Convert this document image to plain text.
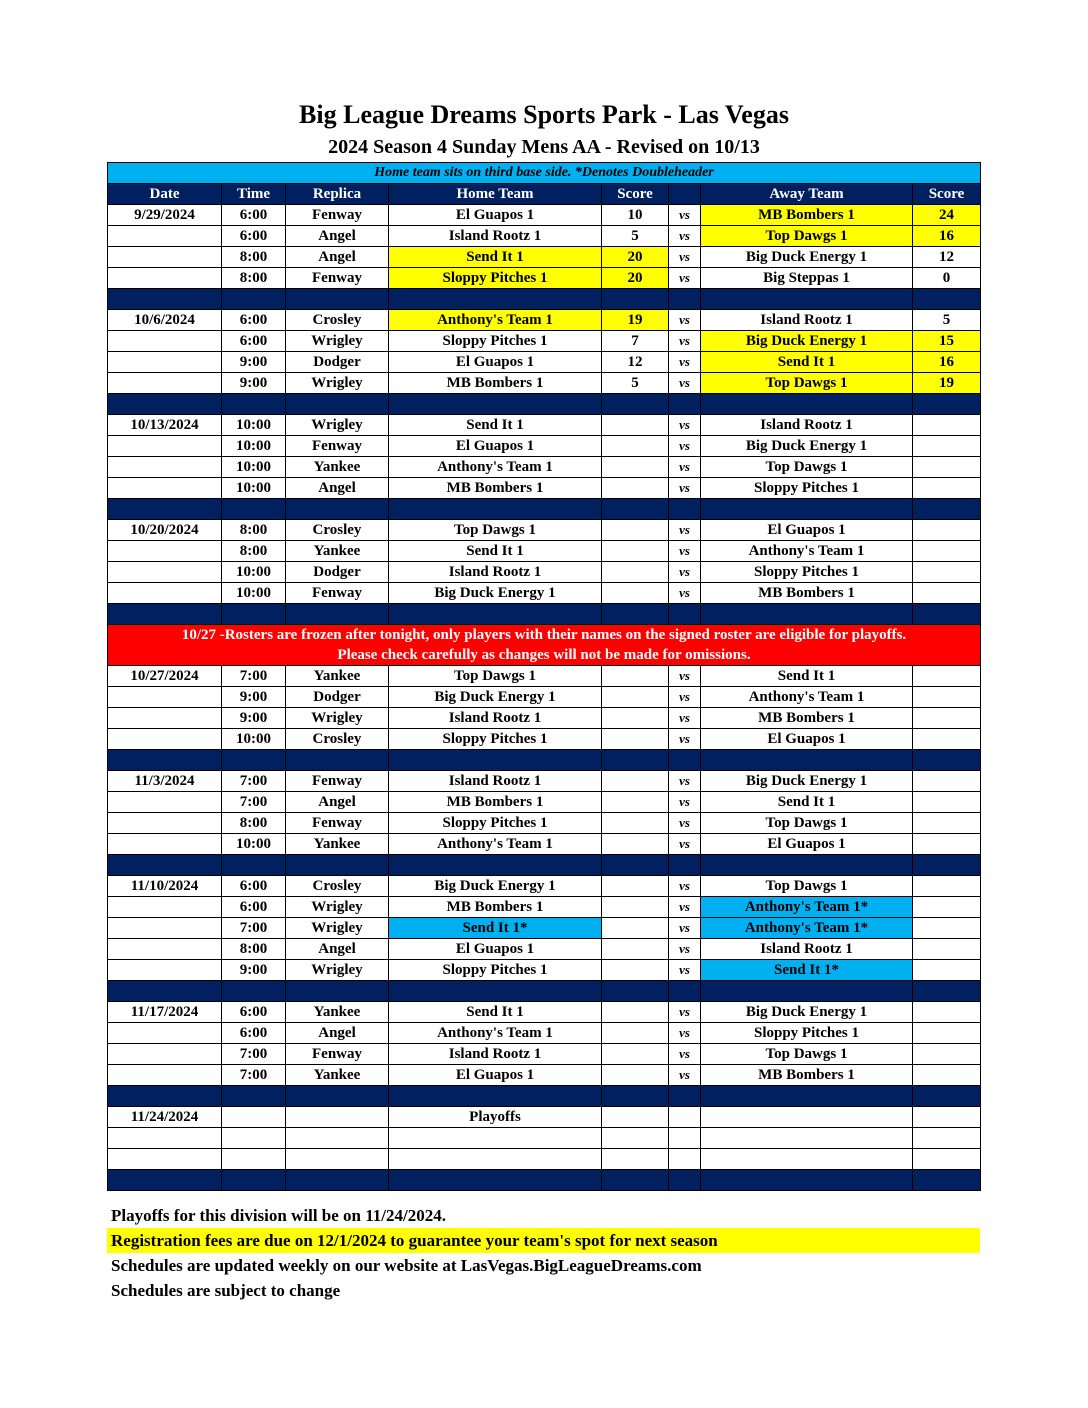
Big League Dreams Sports Park - Las Vegas
2024 Season 4 Sunday Mens AA - Revised on 10/13
Home team sits on third base side. *Denotes Doubleheader							
Date	Time	Replica	Home Team	Score		Away Team	Score
9/29/2024	6:00	Fenway	El Guapos 1	10	vs	MB Bombers 1	24
	6:00	Angel	Island Rootz 1	5	vs	Top Dawgs 1	16
	8:00	Angel	Send It 1	20	vs	Big Duck Energy 1	12
	8:00	Fenway	Sloppy Pitches 1	20	vs	Big Steppas 1	0

10/6/2024	6:00	Crosley	Anthony's Team 1	19	vs	Island Rootz 1	5
	6:00	Wrigley	Sloppy Pitches 1	7	vs	Big Duck Energy 1	15
	9:00	Dodger	El Guapos 1	12	vs	Send It 1	16
	9:00	Wrigley	MB Bombers 1	5	vs	Top Dawgs 1	19

10/13/2024	10:00	Wrigley	Send It 1		vs	Island Rootz 1	
	10:00	Fenway	El Guapos 1		vs	Big Duck Energy 1	
	10:00	Yankee	Anthony's Team 1		vs	Top Dawgs 1	
	10:00	Angel	MB Bombers 1		vs	Sloppy Pitches 1	

10/20/2024	8:00	Crosley	Top Dawgs 1		vs	El Guapos 1	
	8:00	Yankee	Send It 1		vs	Anthony's Team 1	
	10:00	Dodger	Island Rootz 1		vs	Sloppy Pitches 1	
	10:00	Fenway	Big Duck Energy 1		vs	MB Bombers 1	

10/27 -Rosters are frozen after tonight, only players with their names on the signed roster are eligible for playoffs.
Please check carefully as changes will not be made for omissions.							

10/27/2024	7:00	Yankee	Top Dawgs 1		vs	Send It 1	
	9:00	Dodger	Big Duck Energy 1		vs	Anthony's Team 1	
	9:00	Wrigley	Island Rootz 1		vs	MB Bombers 1	
	10:00	Crosley	Sloppy Pitches 1		vs	El Guapos 1	

11/3/2024	7:00	Fenway	Island Rootz 1		vs	Big Duck Energy 1	
	7:00	Angel	MB Bombers 1		vs	Send It 1	
	8:00	Fenway	Sloppy Pitches 1		vs	Top Dawgs 1	
	10:00	Yankee	Anthony's Team 1		vs	El Guapos 1	

11/10/2024	6:00	Crosley	Big Duck Energy 1		vs	Top Dawgs 1	
	6:00	Wrigley	MB Bombers 1		vs	Anthony's Team 1*	
	7:00	Wrigley	Send It 1*		vs	Anthony's Team 1*	
	8:00	Angel	El Guapos 1		vs	Island Rootz 1	
	9:00	Wrigley	Sloppy Pitches 1		vs	Send It 1*	

11/17/2024	6:00	Yankee	Send It 1		vs	Big Duck Energy 1	
	6:00	Angel	Anthony's Team 1		vs	Sloppy Pitches 1	
	7:00	Fenway	Island Rootz 1		vs	Top Dawgs 1	
	7:00	Yankee	El Guapos 1		vs	MB Bombers 1	

11/24/2024			Playoffs				

Playoffs for this division will be on 11/24/2024.
Registration fees are due on 12/1/2024 to guarantee your team's spot for next season
Schedules are updated weekly on our website at LasVegas.BigLeagueDreams.com
Schedules are subject to change
